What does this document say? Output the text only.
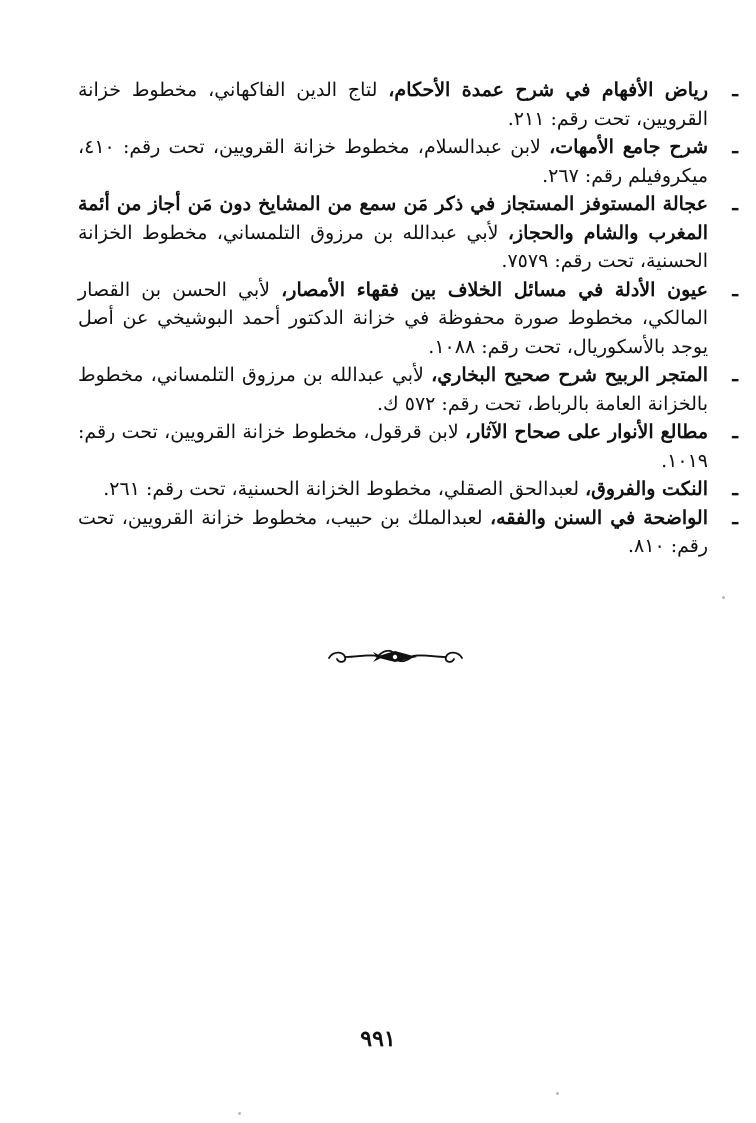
ـ
رياض الأفهام في شرح عمدة الأحكام، لتاج الدين الفاكهاني، مخطوط خزانة القرويين، تحت رقم: ٢١١.

ـ
شرح جامع الأمهات، لابن عبدالسلام، مخطوط خزانة القرويين، تحت رقم: ٤١٠، ميكروفيلم رقم: ٢٦٧.

ـ
عجالة المستوفز المستجاز في ذكر مَن سمع من المشايخ دون مَن أجاز من أئمة المغرب والشام والحجاز، لأبي عبدالله بن مرزوق التلمساني، مخطوط الخزانة الحسنية، تحت رقم: ٧٥٧٩.

ـ
عيون الأدلة في مسائل الخلاف بين فقهاء الأمصار، لأبي الحسن بن القصار المالكي، مخطوط صورة محفوظة في خزانة الدكتور أحمد البوشيخي عن أصل يوجد بالأسكوريال، تحت رقم: ١٠٨٨.

ـ
المتجر الربيح شرح صحيح البخاري، لأبي عبدالله بن مرزوق التلمساني، مخطوط بالخزانة العامة بالرباط، تحت رقم: ٥٧٢ ك.

ـ
مطالع الأنوار على صحاح الآثار، لابن قرقول، مخطوط خزانة القرويين، تحت رقم: ١٠١٩.

ـ
النكت والفروق، لعبدالحق الصقلي، مخطوط الخزانة الحسنية، تحت رقم: ٢٦١.

ـ
الواضحة في السنن والفقه، لعبدالملك بن حبيب، مخطوط خزانة القرويين، تحت رقم: ٨١٠.

٩٩١
